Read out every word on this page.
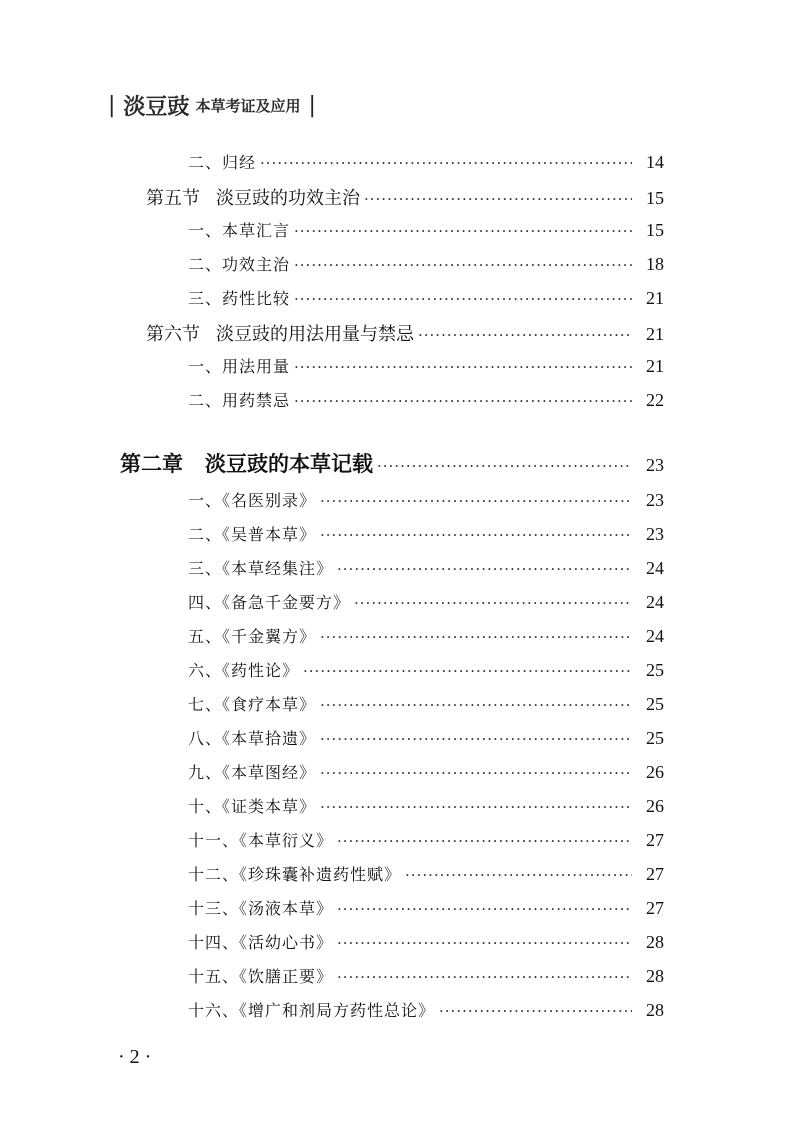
| 淡豆豉 本草考证及应用 |
二、归经 ·····	14
第五节 淡豆豉的功效主治 ·····	15
一、本草汇言 ·····	15
二、功效主治 ·····	18
三、药性比较 ·····	21
第六节 淡豆豉的用法用量与禁忌 ·····	21
一、用法用量 ·····	21
二、用药禁忌 ·····	22
第二章 淡豆豉的本草记载 ·····	23
一、《名医别录》 ·····	23
二、《吴普本草》 ·····	23
三、《本草经集注》 ·····	24
四、《备急千金要方》 ·····	24
五、《千金翼方》 ·····	24
六、《药性论》 ·····	25
七、《食疗本草》 ·····	25
八、《本草拾遗》 ·····	25
九、《本草图经》 ·····	26
十、《证类本草》 ·····	26
十一、《本草衍义》 ·····	27
十二、《珍珠囊补遗药性赋》 ·····	27
十三、《汤液本草》 ·····	27
十四、《活幼心书》 ·····	28
十五、《饮膳正要》 ·····	28
十六、《增广和剂局方药性总论》 ·····	28
· 2 ·
